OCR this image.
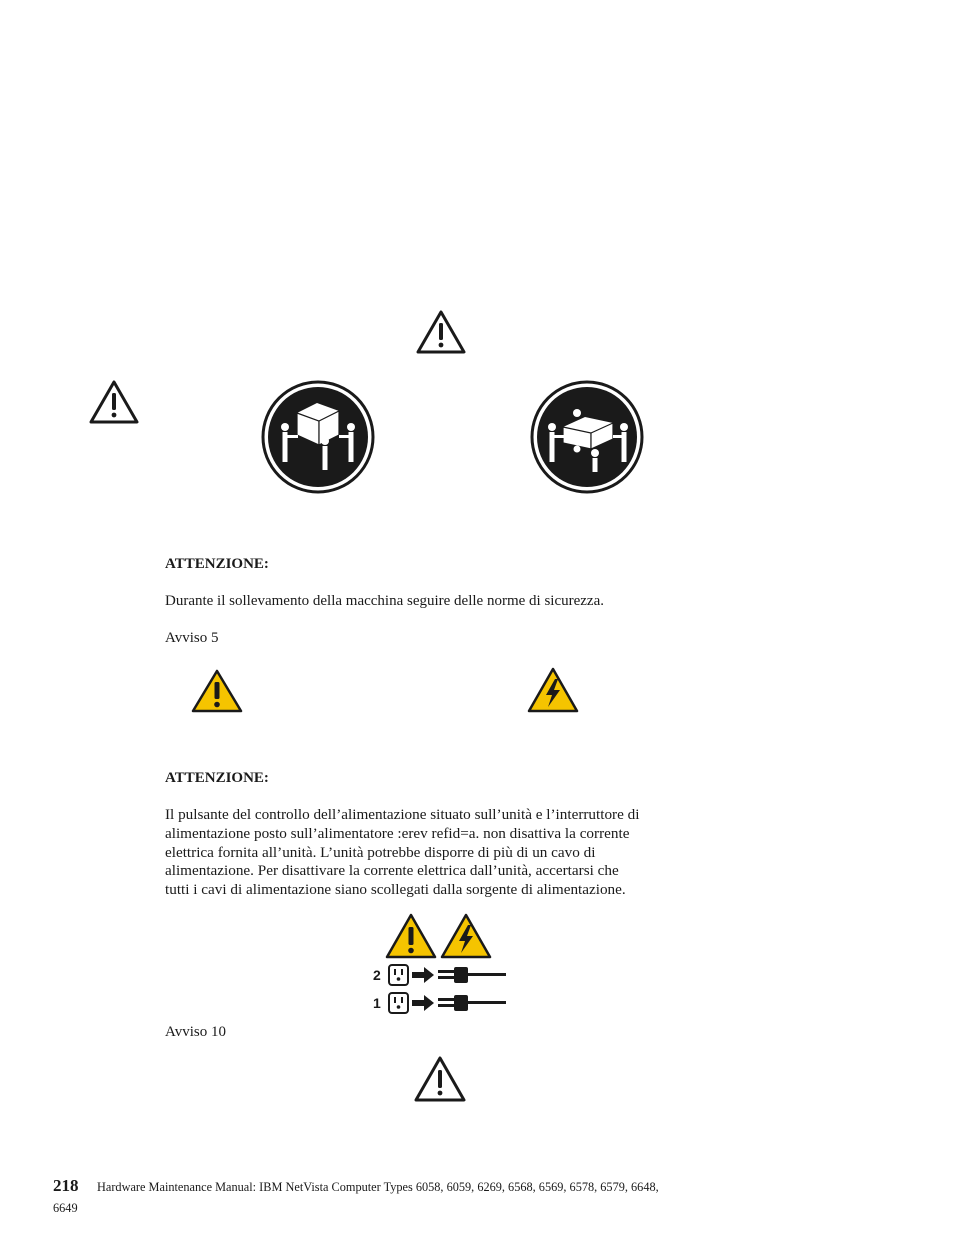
ATTENZIONE:
Durante il sollevamento della macchina seguire delle norme di sicurezza.
Avviso 5
ATTENZIONE:
Il pulsante del controllo dell’alimentazione situato sull’unità e l’interruttore di
alimentazione posto sull’alimentatore :erev refid=a. non disattiva la corrente
elettrica fornita all’unità. L’unità potrebbe disporre di più di un cavo di
alimentazione. Per disattivare la corrente elettrica dall’unità, accertarsi che
tutti i cavi di alimentazione siano scollegati dalla sorgente di alimentazione.
2
1
Avviso 10
218 Hardware Maintenance Manual: IBM NetVista Computer Types 6058, 6059, 6269, 6568, 6569, 6578, 6579, 6648,
6649
